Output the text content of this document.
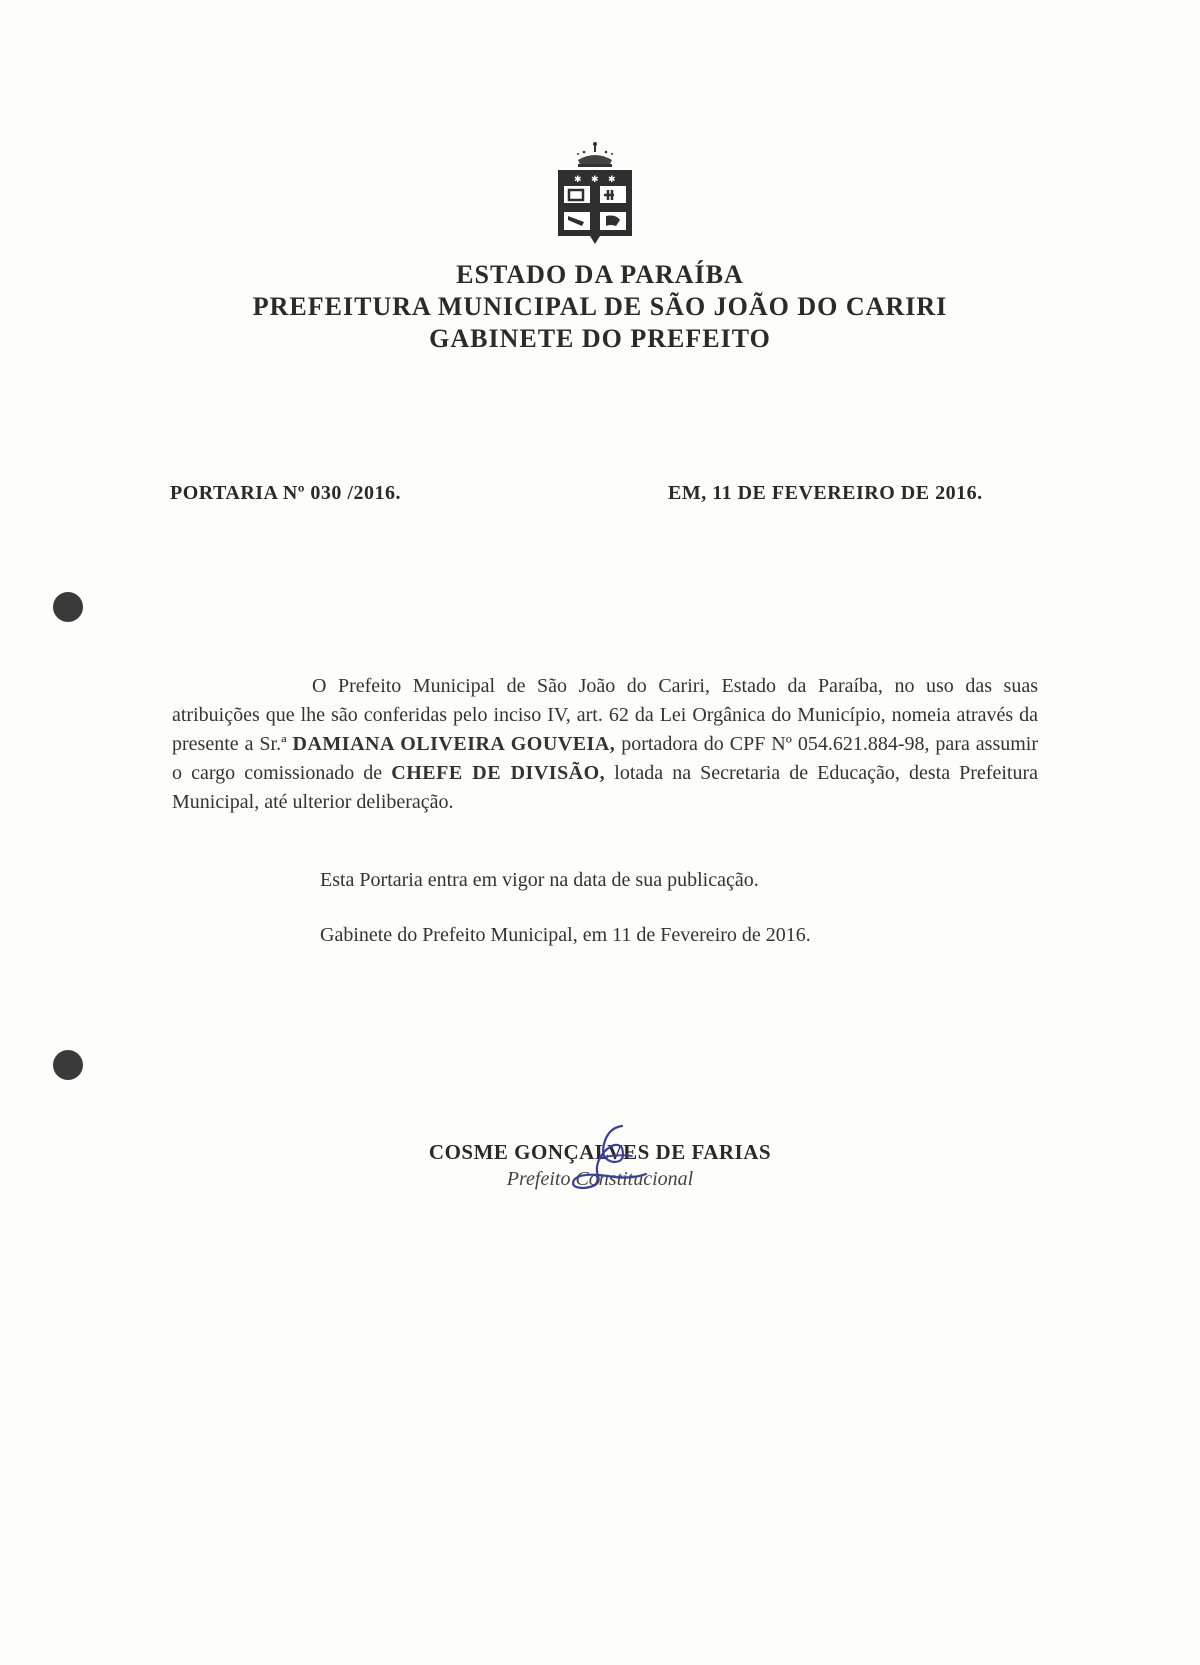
✱ ✱ ✱
ESTADO DA PARAÍBA
PREFEITURA MUNICIPAL DE SÃO JOÃO DO CARIRI
GABINETE DO PREFEITO
PORTARIA Nº 030 /2016.	EM, 11 DE FEVEREIRO DE 2016.
O Prefeito Municipal de São João do Cariri, Estado da Paraíba, no uso das suas atribuições que lhe são conferidas pelo inciso IV, art. 62 da Lei Orgânica do Município, nomeia através da presente a Sr.ª DAMIANA OLIVEIRA GOUVEIA, portadora do CPF Nº 054.621.884-98, para assumir o cargo comissionado de CHEFE DE DIVISÃO, lotada na Secretaria de Educação, desta Prefeitura Municipal, até ulterior deliberação.
Esta Portaria entra em vigor na data de sua publicação.
Gabinete do Prefeito Municipal, em 11 de Fevereiro de 2016.
COSME GONÇALVES DE FARIAS
Prefeito Constitucional
